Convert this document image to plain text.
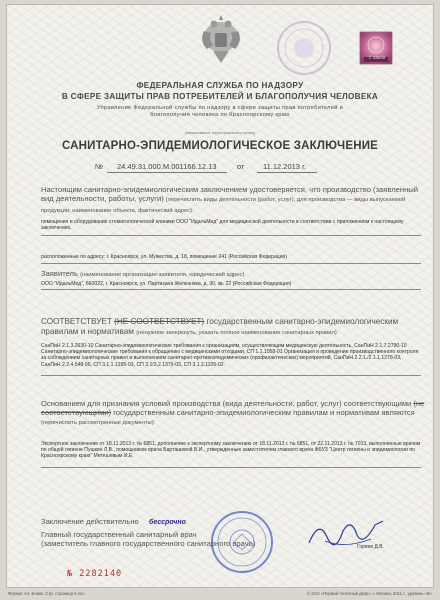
C 228210
ФЕДЕРАЛЬНАЯ СЛУЖБА ПО НАДЗОРУ
В СФЕРЕ ЗАЩИТЫ ПРАВ ПОТРЕБИТЕЛЕЙ И БЛАГОПОЛУЧИЯ ЧЕЛОВЕКА
Управление Федеральной службы по надзору в сфере защиты прав потребителей и благополучия человека по Красноярскому краю
(наименование территориального органа)
САНИТАРНО-ЭПИДЕМИОЛОГИЧЕСКОЕ ЗАКЛЮЧЕНИЕ
№ 24.49.31.000.М.001166.12.13	от 11.12.2013 г.
Настоящим санитарно-эпидемиологическим заключением удостоверяется, что производство (заявленный вид деятельности, работы, услуги) (перечислить виды деятельности (работ, услуг), для производства — виды выпускаемой продукции; наименование объекта, фактический адрес):
помещения и оборудование стоматологической клиники ООО "ИдальМед" для медицинской деятельности в соответствии с приложением к настоящему заключению.
расположенные по адресу: г. Красноярск, ул. Мужества, д. 18, помещение 241 (Российская Федерация)
Заявитель (наименование организации-заявителя, юридический адрес)
ООО "ИдальМед", 660022, г. Красноярск, ул. Партизана Железняка, д. 30, кв. 22 (Российская Федерация)
СООТВЕТСТВУЕТ (НЕ СООТВЕТСТВУЕТ) государственным санитарно-эпидемиологическим правилам и нормативам (ненужное зачеркнуть, указать полное наименование санитарных правил)
СанПиН 2.1.3.2630-10 Санитарно-эпидемиологические требования к организациям, осуществляющим медицинскую деятельность, СанПиН 2.1.7.2790-10 Санитарно-эпидемиологические требования к обращению с медицинскими отходами, СП 1.1.1058-01 Организация и проведение производственного контроля за соблюдением санитарных правил и выполнением санитарно-противоэпидемических (профилактических) мероприятий, СанПиН 2.2.1./2.1.1.1278-03, СанПиН 2.2.4.548-96, СП 3.1.1.1295-03, СП 3.1/3.2.1379-03, СП 3.1.2.1105-02.
Основанием для признания условий производства (вида деятельности, работ, услуг) соответствующими (не соответствующими) государственным санитарно-эпидемиологическим правилам и нормативам являются (перечислить рассмотренные документы):
Экспертное заключение от 18.11.2013 г. № 6851, дополнение к экспертному заключению от 18.11.2013 г. № 6851, от 22.11.2013 г. № 7013, выполненные врачом по общей гигиене Пушкин Л.В., помощником врача Барташевой В.И., утвержденные заместителем главного врача ФБУЗ "Центр гигиены и эпидемиологии по Красноярскому краю" Метешевым И.Е.
Заключение действительно	бессрочно
Главный государственный санитарный врач
(заместитель главного государственного санитарного врача)	Горяев Д.В.
№ 2282140
Формат А4. Бланк. Стр. страница 5 пос.	© ЗАО «Первый печатный двор», г. Москва, 2011 г., уровень «В»
